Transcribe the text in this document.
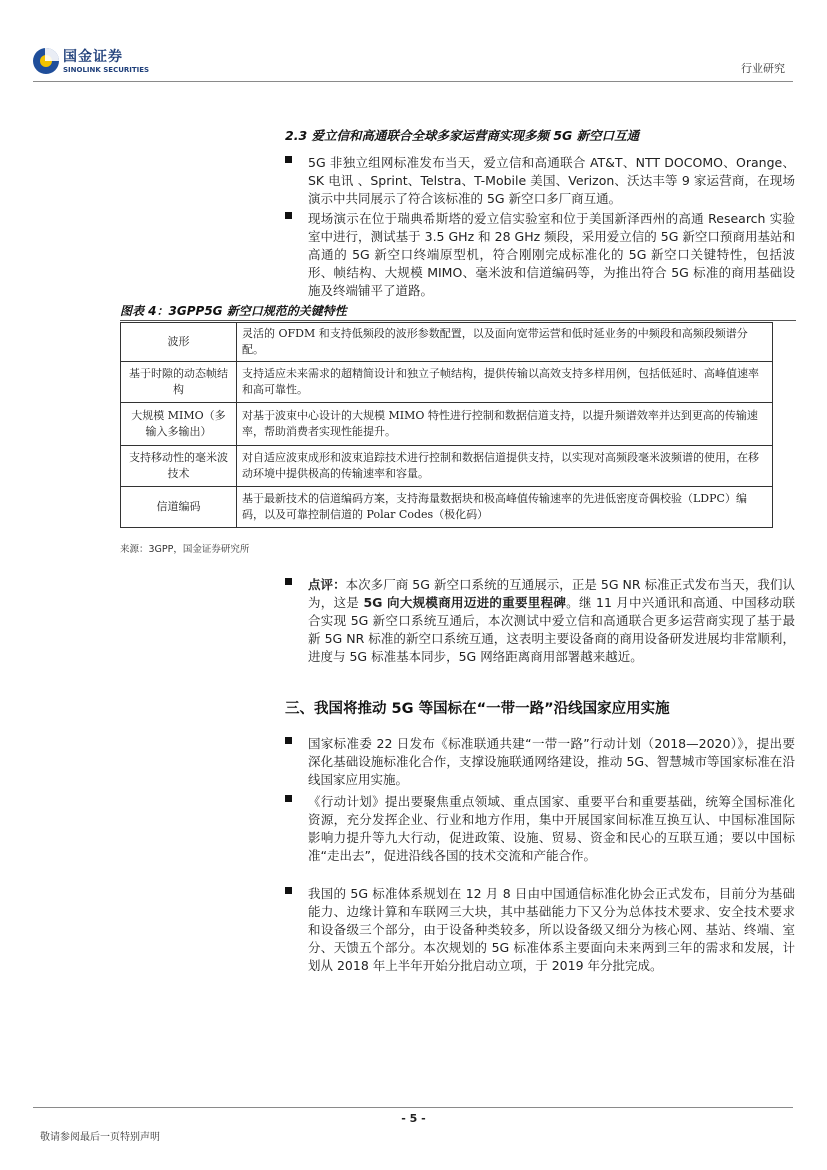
国金证券
SINOLINK SECURITIES	行业研究
2.3 爱立信和高通联合全球多家运营商实现多频 5G 新空口互通
5G 非独立组网标准发布当天，爱立信和高通联合 AT&T、NTT DOCOMO、Orange、SK 电讯 、Sprint、Telstra、T-Mobile 美国、Verizon、沃达丰等 9 家运营商，在现场演示中共同展示了符合该标准的 5G 新空口多厂商互通。
现场演示在位于瑞典希斯塔的爱立信实验室和位于美国新泽西州的高通 Research 实验室中进行，测试基于 3.5 GHz 和 28 GHz 频段，采用爱立信的 5G 新空口预商用基站和高通的 5G 新空口终端原型机，符合刚刚完成标准化的 5G 新空口关键特性，包括波形、帧结构、大规模 MIMO、毫米波和信道编码等，为推出符合 5G 标准的商用基础设施及终端铺平了道路。
图表 4：3GPP5G 新空口规范的关键特性
波形	灵活的 OFDM 和支持低频段的波形参数配置，以及面向宽带运营和低时延业务的中频段和高频段频谱分配。
基于时隙的动态帧结构	支持适应未来需求的超精简设计和独立子帧结构，提供传输以高效支持多样用例，包括低延时、高峰值速率和高可靠性。
大规模 MIMO（多输入多输出）	对基于波束中心设计的大规模 MIMO 特性进行控制和数据信道支持，以提升频谱效率并达到更高的传输速率，帮助消费者实现性能提升。
支持移动性的毫米波技术	对自适应波束成形和波束追踪技术进行控制和数据信道提供支持，以实现对高频段毫米波频谱的使用，在移动环境中提供极高的传输速率和容量。
信道编码	基于最新技术的信道编码方案，支持海量数据块和极高峰值传输速率的先进低密度奇偶校验（LDPC）编码，以及可靠控制信道的 Polar Codes（极化码）
来源：3GPP，国金证券研究所
点评：本次多厂商 5G 新空口系统的互通展示，正是 5G NR 标准正式发布当天，我们认为，这是 5G 向大规模商用迈进的重要里程碑。继 11 月中兴通讯和高通、中国移动联合实现 5G 新空口系统互通后，本次测试中爱立信和高通联合更多运营商实现了基于最新 5G NR 标准的新空口系统互通，这表明主要设备商的商用设备研发进展均非常顺利，进度与 5G 标准基本同步，5G 网络距离商用部署越来越近。
三、我国将推动 5G 等国标在“一带一路”沿线国家应用实施
国家标准委 22 日发布《标准联通共建“一带一路”行动计划（2018—2020）》，提出要深化基础设施标准化合作，支撑设施联通网络建设，推动 5G、智慧城市等国家标准在沿线国家应用实施。
《行动计划》提出要聚焦重点领域、重点国家、重要平台和重要基础，统筹全国标准化资源，充分发挥企业、行业和地方作用，集中开展国家间标准互换互认、中国标准国际影响力提升等九大行动，促进政策、设施、贸易、资金和民心的互联互通；要以中国标准“走出去”，促进沿线各国的技术交流和产能合作。
我国的 5G 标准体系规划在 12 月 8 日由中国通信标准化协会正式发布，目前分为基础能力、边缘计算和车联网三大块，其中基础能力下又分为总体技术要求、安全技术要求和设备级三个部分，由于设备种类较多，所以设备级又细分为核心网、基站、终端、室分、天馈五个部分。本次规划的 5G 标准体系主要面向未来两到三年的需求和发展，计划从 2018 年上半年开始分批启动立项，于 2019 年分批完成。
- 5 -
敬请参阅最后一页特别声明
